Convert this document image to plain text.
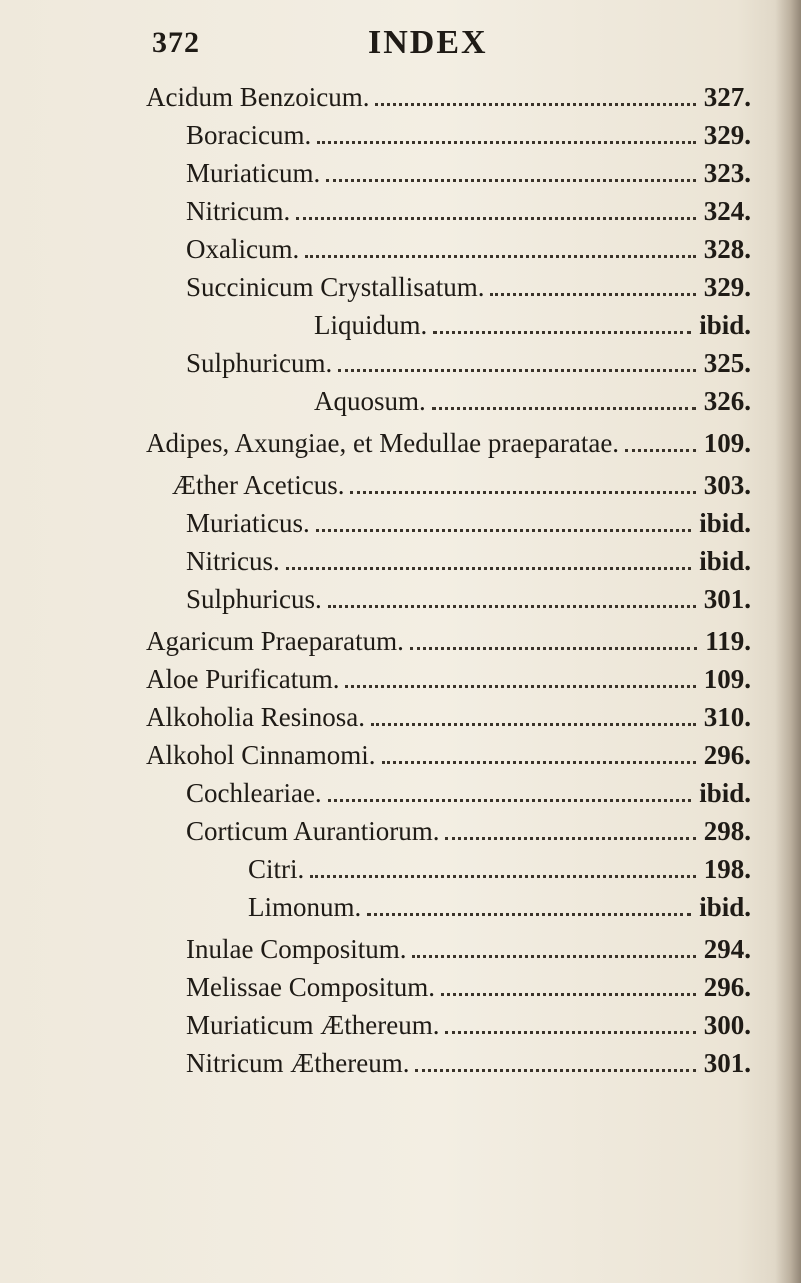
372	INDEX
Acidum Benzoicum.	327.
Boracicum.	329.
Muriaticum.	323.
Nitricum.	324.
Oxalicum.	328.
Succinicum Crystallisatum.	329.
Liquidum.	ibid.
Sulphuricum.	325.
Aquosum.	326.
Adipes, Axungiae, et Medullae praeparatae.	109.
Æther Aceticus.	303.
Muriaticus.	ibid.
Nitricus.	ibid.
Sulphuricus.	301.
Agaricum Praeparatum.	119.
Aloe Purificatum.	109.
Alkoholia Resinosa.	310.
Alkohol Cinnamomi.	296.
Cochleariae.	ibid.
Corticum Aurantiorum.	298.
Citri.	198.
Limonum.	ibid.
Inulae Compositum.	294.
Melissae Compositum.	296.
Muriaticum Æthereum.	300.
Nitricum Æthereum.	301.
